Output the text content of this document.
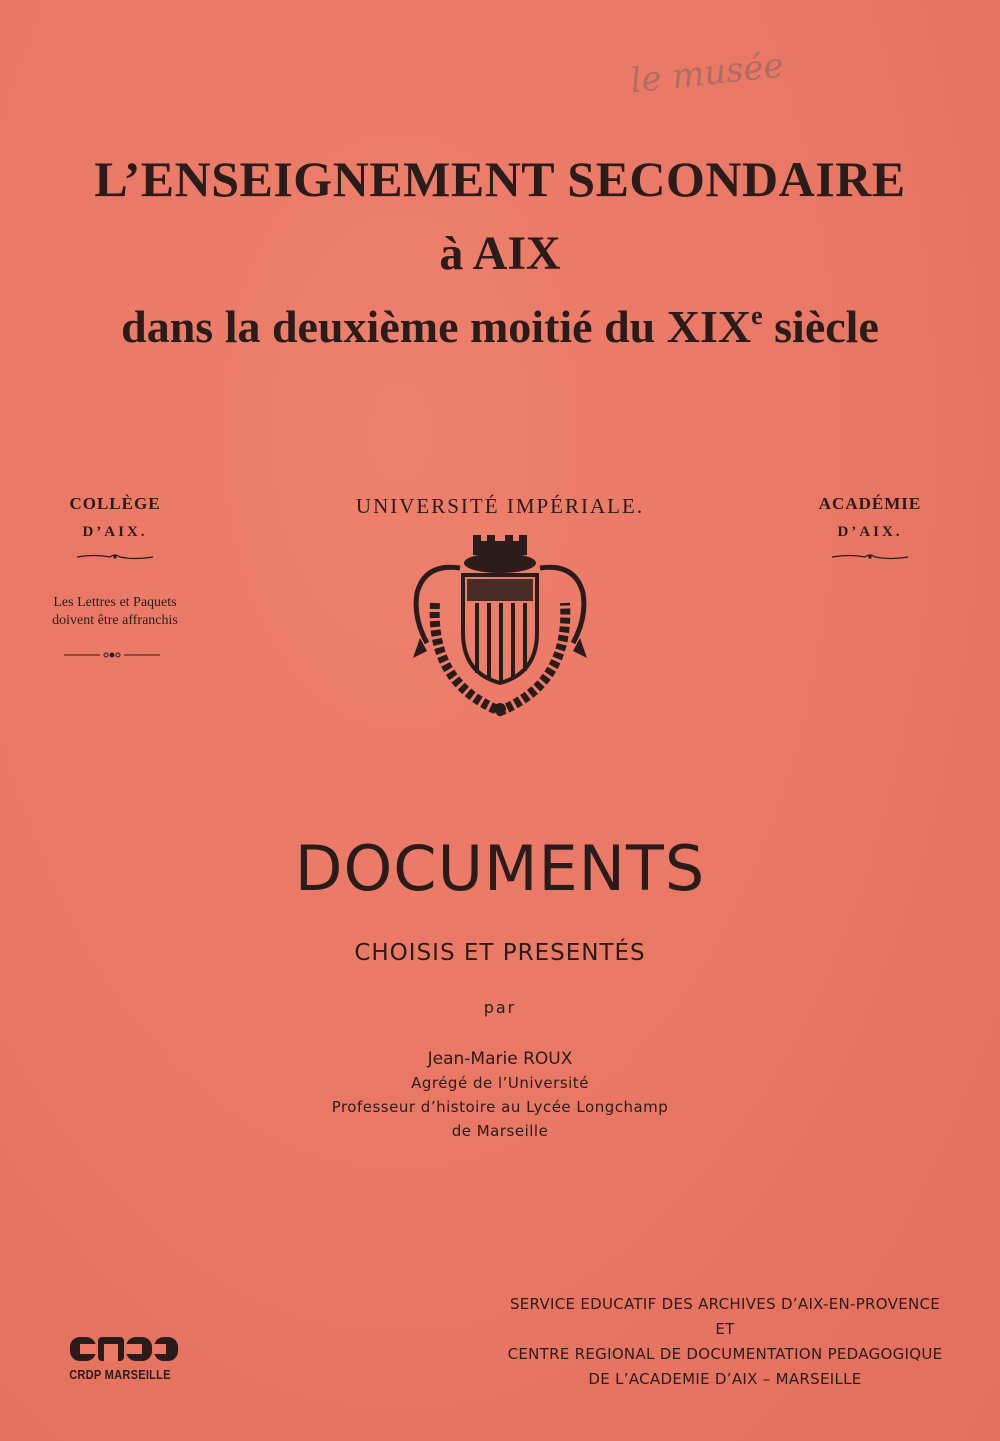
le musée
L’ENSEIGNEMENT SECONDAIRE
à AIX
dans la deuxième moitié du XIXe siècle
COLLÈGE
D’AIX.
Les Lettres et Paquets
doivent être affranchis
UNIVERSITÉ IMPÉRIALE.	ACADÉMIE
D’AIX.
DOCUMENTS
CHOISIS ET PRESENTÉS
par
Jean-Marie ROUX
Agrégé de l’Université
Professeur d’histoire au Lycée Longchamp
de Marseille
SERVICE EDUCATIF DES ARCHIVES D’AIX-EN-PROVENCE
ET
CENTRE REGIONAL DE DOCUMENTATION PEDAGOGIQUE
DE L’ACADEMIE D’AIX – MARSEILLE
CRDP MARSEILLE
